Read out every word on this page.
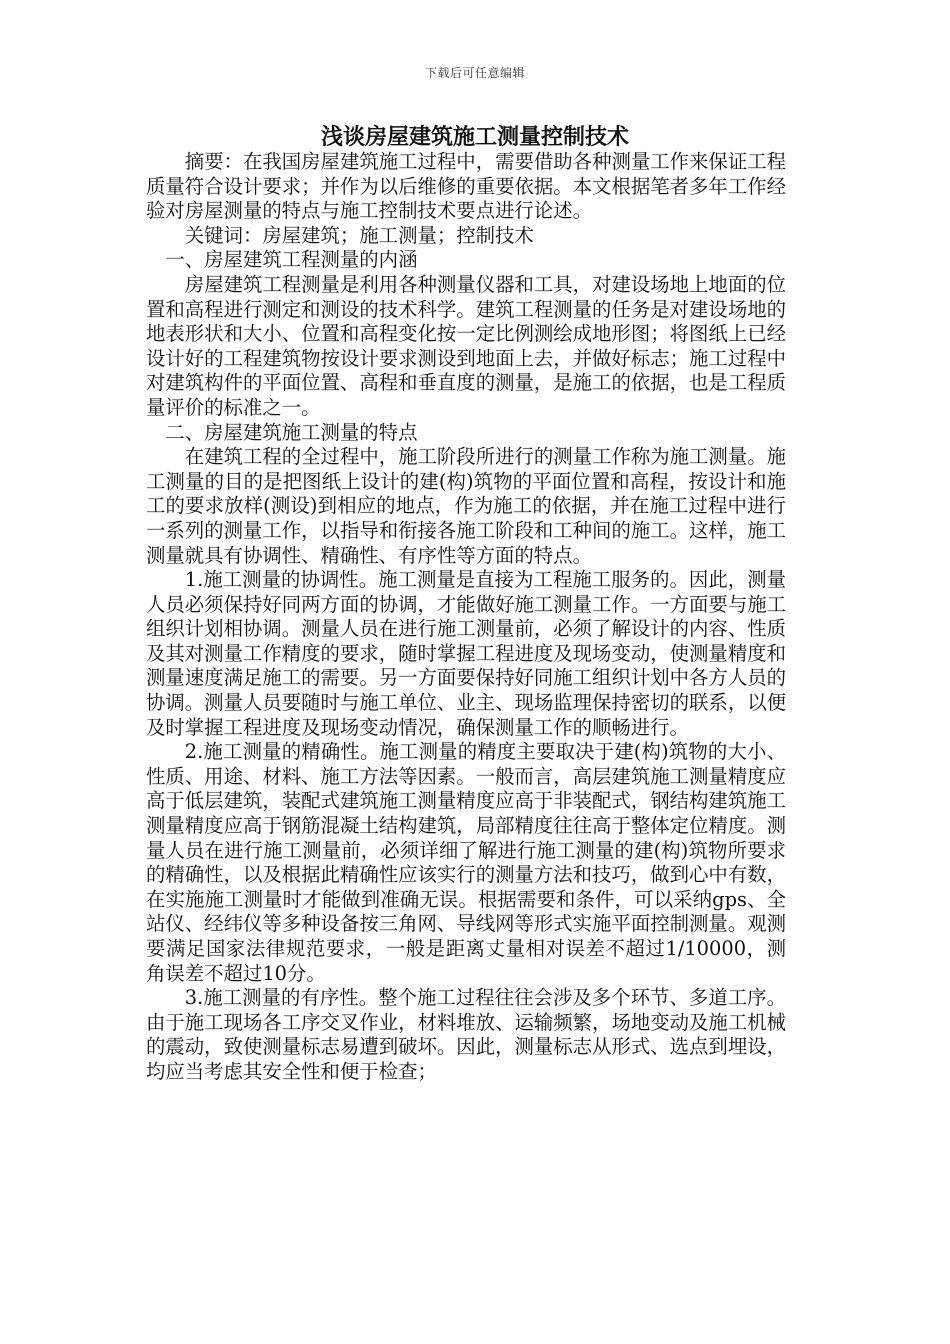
下载后可任意编辑
浅谈房屋建筑施工测量控制技术

摘要：在我国房屋建筑施工过程中，需要借助各种测量工作来保证工程质量符合设计要求；并作为以后维修的重要依据。本文根据笔者多年工作经验对房屋测量的特点与施工控制技术要点进行论述。

关键词：房屋建筑；施工测量；控制技术

一、房屋建筑工程测量的内涵

房屋建筑工程测量是利用各种测量仪器和工具，对建设场地上地面的位置和高程进行测定和测设的技术科学。建筑工程测量的任务是对建设场地的地表形状和大小、位置和高程变化按一定比例测绘成地形图；将图纸上已经设计好的工程建筑物按设计要求测设到地面上去，并做好标志；施工过程中对建筑构件的平面位置、高程和垂直度的测量，是施工的依据，也是工程质量评价的标准之一。

二、房屋建筑施工测量的特点

在建筑工程的全过程中，施工阶段所进行的测量工作称为施工测量。施工测量的目的是把图纸上设计的建(构)筑物的平面位置和高程，按设计和施工的要求放样(测设)到相应的地点，作为施工的依据，并在施工过程中进行一系列的测量工作，以指导和衔接各施工阶段和工种间的施工。这样，施工测量就具有协调性、精确性、有序性等方面的特点。

1.施工测量的协调性。施工测量是直接为工程施工服务的。因此，测量人员必须保持好同两方面的协调，才能做好施工测量工作。一方面要与施工组织计划相协调。测量人员在进行施工测量前，必须了解设计的内容、性质及其对测量工作精度的要求，随时掌握工程进度及现场变动，使测量精度和测量速度满足施工的需要。另一方面要保持好同施工组织计划中各方人员的协调。测量人员要随时与施工单位、业主、现场监理保持密切的联系，以便及时掌握工程进度及现场变动情况，确保测量工作的顺畅进行。

2.施工测量的精确性。施工测量的精度主要取决于建(构)筑物的大小、性质、用途、材料、施工方法等因素。一般而言，高层建筑施工测量精度应高于低层建筑，装配式建筑施工测量精度应高于非装配式，钢结构建筑施工测量精度应高于钢筋混凝土结构建筑，局部精度往往高于整体定位精度。测量人员在进行施工测量前，必须详细了解进行施工测量的建(构)筑物所要求的精确性，以及根据此精确性应该实行的测量方法和技巧，做到心中有数，在实施施工测量时才能做到准确无误。根据需要和条件，可以采纳gps、全站仪、经纬仪等多种设备按三角网、导线网等形式实施平面控制测量。观测要满足国家法律规范要求，一般是距离丈量相对误差不超过1/10000，测角误差不超过10分。

3.施工测量的有序性。整个施工过程往往会涉及多个环节、多道工序。由于施工现场各工序交叉作业，材料堆放、运输频繁，场地变动及施工机械的震动，致使测量标志易遭到破坏。因此，测量标志从形式、选点到埋设，均应当考虑其安全性和便于检查；
